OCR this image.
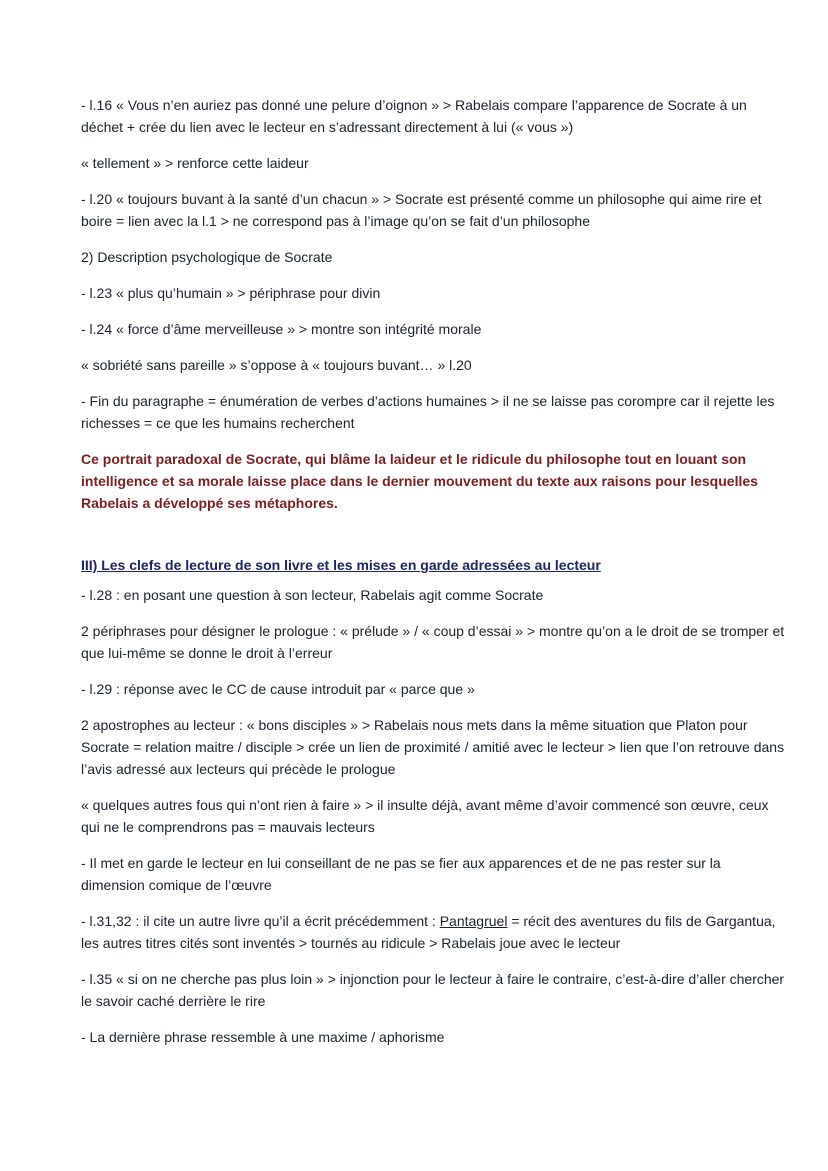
- l.16 « Vous n’en auriez pas donné une pelure d’oignon » > Rabelais compare l’apparence de Socrate à un déchet + crée du lien avec le lecteur en s’adressant directement à lui (« vous »)

« tellement » > renforce cette laideur

- l.20 « toujours buvant à la santé d’un chacun » > Socrate est présenté comme un philosophe qui aime rire et boire = lien avec la l.1 > ne correspond pas à l’image qu’on se fait d’un philosophe

2) Description psychologique de Socrate

- l.23 « plus qu’humain » > périphrase pour divin

- l.24 « force d’âme merveilleuse » > montre son intégrité morale

« sobriété sans pareille » s’oppose à « toujours buvant… » l.20

- Fin du paragraphe = énumération de verbes d’actions humaines > il ne se laisse pas corompre car il rejette les richesses = ce que les humains recherchent

Ce portrait paradoxal de Socrate, qui blâme la laideur et le ridicule du philosophe tout en louant son intelligence et sa morale laisse place dans le dernier mouvement du texte aux raisons pour lesquelles Rabelais a développé ses métaphores.

III) Les clefs de lecture de son livre et les mises en garde adressées au lecteur

- l.28 : en posant une question à son lecteur, Rabelais agit comme Socrate

2 périphrases pour désigner le prologue : « prélude » / « coup d’essai » > montre qu’on a le droit de se tromper et que lui-même se donne le droit à l’erreur

- l.29 : réponse avec le CC de cause introduit par « parce que »

2 apostrophes au lecteur : « bons disciples » > Rabelais nous mets dans la même situation que Platon pour Socrate = relation maitre / disciple > crée un lien de proximité / amitié avec le lecteur > lien que l’on retrouve dans l’avis adressé aux lecteurs qui précède le prologue

« quelques autres fous qui n’ont rien à faire » > il insulte déjà, avant même d’avoir commencé son œuvre, ceux qui ne le comprendrons pas = mauvais lecteurs

- Il met en garde le lecteur en lui conseillant de ne pas se fier aux apparences et de ne pas rester sur la dimension comique de l’œuvre

- l.31,32 : il cite un autre livre qu’il a écrit précédemment : Pantagruel = récit des aventures du fils de Gargantua, les autres titres cités sont inventés > tournés au ridicule > Rabelais joue avec le lecteur

- l.35 « si on ne cherche pas plus loin » > injonction pour le lecteur à faire le contraire, c’est-à-dire d’aller chercher le savoir caché derrière le rire

- La dernière phrase ressemble à une maxime / aphorisme
